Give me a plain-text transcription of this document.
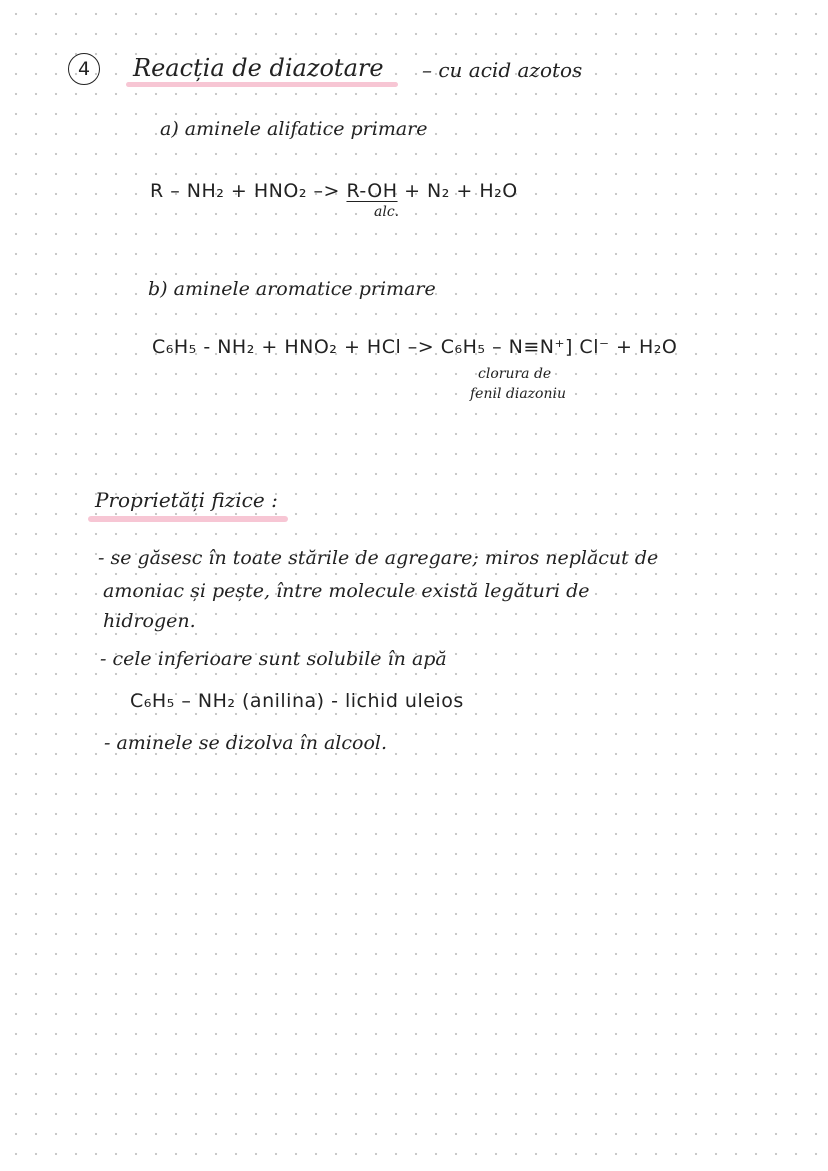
4 Reacția de diazotare – cu acid azotos

a) aminele alifatice primare

R – NH₂ + HNO₂ –> R-OH + N₂ + H₂O

alc.

b) aminele aromatice primare

C₆H₅ - NH₂ + HNO₂ + HCl –> C₆H₅ – N≡N⁺] Cl⁻ + H₂O

clorura de

fenil diazoniu

Proprietăți fizice :

- se găsesc în toate stările de agregare; miros neplăcut de

amoniac și pește, între molecule există legături de

hidrogen.

- cele inferioare sunt solubile în apă

C₆H₅ – NH₂ (anilina) - lichid uleios

- aminele se dizolva în alcool.
